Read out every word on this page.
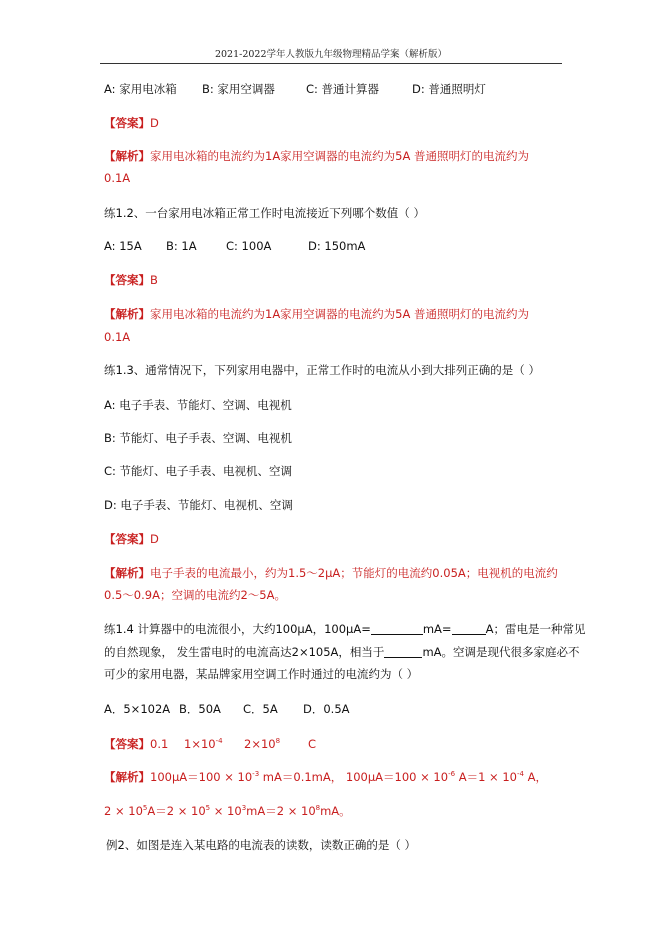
2021-2022学年人教版九年级物理精品学案（解析版）
A: 家用电冰箱 B: 家用空调器	C: 普通计算器	D: 普通照明灯
【答案】D
【解析】家用电冰箱的电流约为1A家用空调器的电流约为5A 普通照明灯的电流约为
0.1A
练1.2、一台家用电冰箱正常工作时电流接近下列哪个数值（ ）
A: 15A B: 1A	C: 100A	D: 150mA
【答案】B
【解析】家用电冰箱的电流约为1A家用空调器的电流约为5A 普通照明灯的电流约为
0.1A
练1.3、通常情况下，下列家用电器中，正常工作时的电流从小到大排列正确的是（ ）
A: 电子手表、节能灯、空调、电视机
B: 节能灯、电子手表、空调、电视机
C: 节能灯、电子手表、电视机、空调
D: 电子手表、节能灯、电视机、空调
【答案】D
【解析】电子手表的电流最小，约为1.5～2μA；节能灯的电流约0.05A；电视机的电流约
0.5～0.9A；空调的电流约2～5A。
练1.4 计算器中的电流很小，大约100μA，100μA=	mA=	A；雷电是一种常见
的自然现象， 发生雷电时的电流高达2×105A，相当于	mA。空调是现代很多家庭必不
可少的家用电器，某品牌家用空调工作时通过的电流约为（ ）
A．5×102A B．50A C．5A D．0.5A
【答案】0.1 $1\times 10^{-4}$ $2\times 10^8$ C
【解析】$100\mu A=100 \times 10^{-3}$ mA＝0.1mA， $100\mu A=100 \times 10^{-6}$ $A=1 \times 10^{-4}$ A，
$2 \times 10^5A=2 \times 10^5 \times 10^3mA=2 \times 10^8mA$。
例2、如图是连入某电路的电流表的读数，读数正确的是（ ）
